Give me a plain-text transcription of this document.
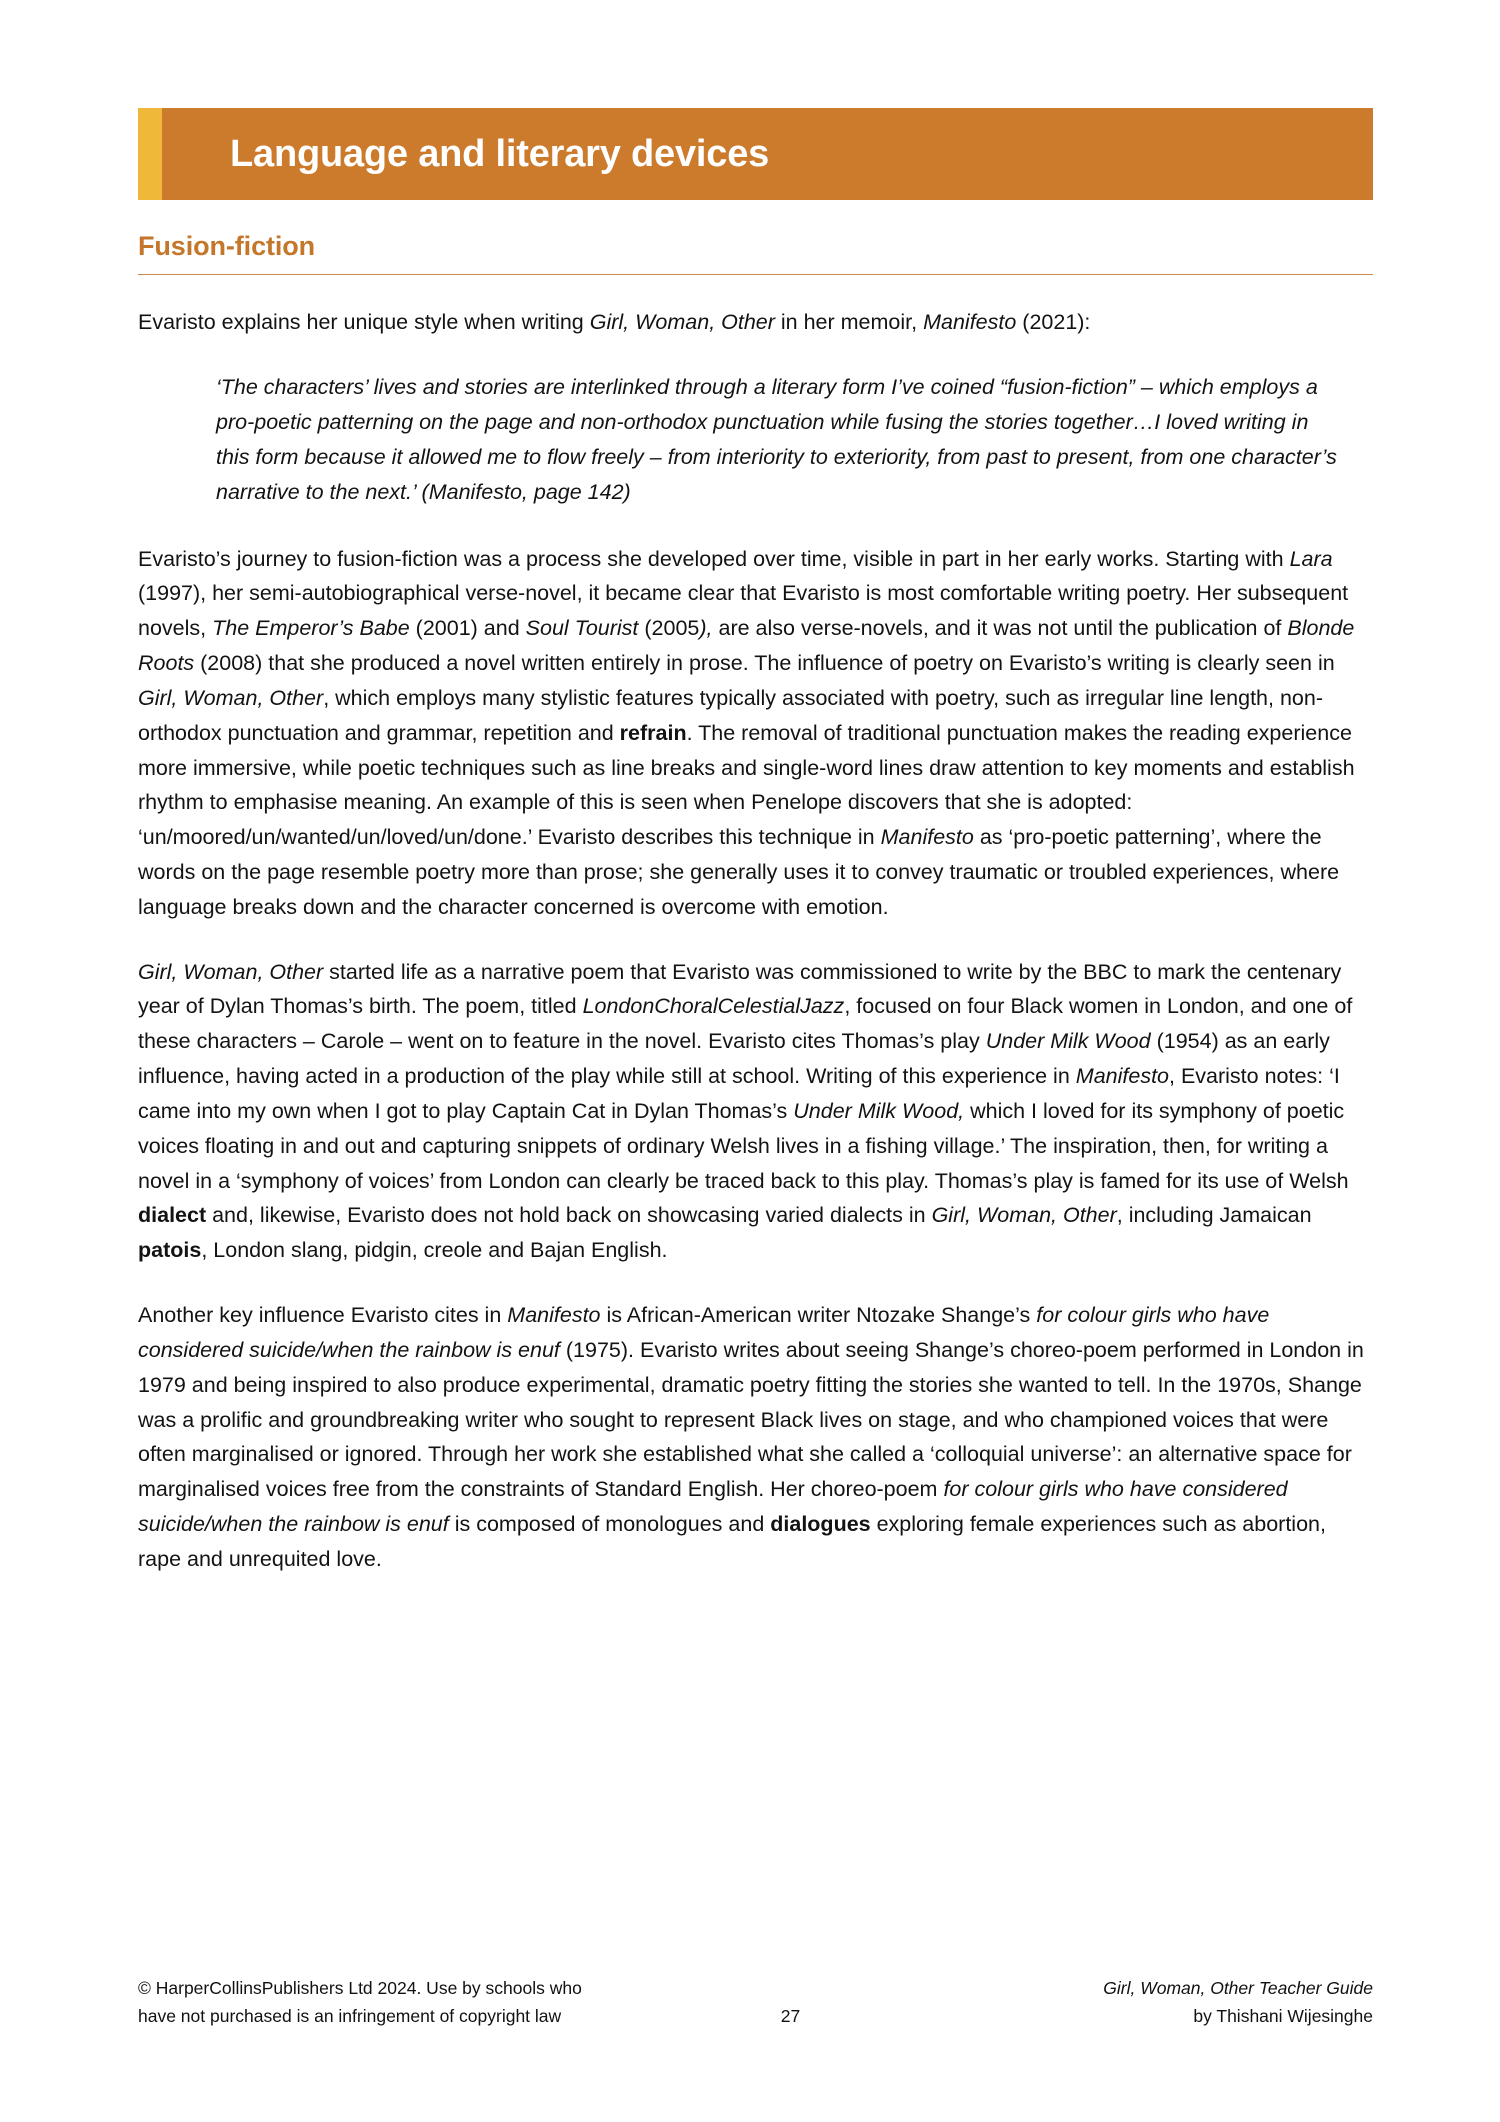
Language and literary devices
Fusion-fiction

Evaristo explains her unique style when writing Girl, Woman, Other in her memoir, Manifesto (2021):

‘The characters’ lives and stories are interlinked through a literary form I’ve coined “fusion-fiction” – which employs a pro-poetic patterning on the page and non-orthodox punctuation while fusing the stories together…I loved writing in this form because it allowed me to flow freely – from interiority to exteriority, from past to present, from one character’s narrative to the next.’ (Manifesto, page 142)

Evaristo’s journey to fusion-fiction was a process she developed over time, visible in part in her early works. Starting with Lara (1997), her semi-autobiographical verse-novel, it became clear that Evaristo is most comfortable writing poetry. Her subsequent novels, The Emperor’s Babe (2001) and Soul Tourist (2005), are also verse-novels, and it was not until the publication of Blonde Roots (2008) that she produced a novel written entirely in prose. The influence of poetry on Evaristo’s writing is clearly seen in Girl, Woman, Other, which employs many stylistic features typically associated with poetry, such as irregular line length, non-orthodox punctuation and grammar, repetition and refrain. The removal of traditional punctuation makes the reading experience more immersive, while poetic techniques such as line breaks and single-word lines draw attention to key moments and establish rhythm to emphasise meaning. An example of this is seen when Penelope discovers that she is adopted: ‘un/moored/un/wanted/un/loved/un/done.’ Evaristo describes this technique in Manifesto as ‘pro-poetic patterning’, where the words on the page resemble poetry more than prose; she generally uses it to convey traumatic or troubled experiences, where language breaks down and the character concerned is overcome with emotion.

Girl, Woman, Other started life as a narrative poem that Evaristo was commissioned to write by the BBC to mark the centenary year of Dylan Thomas’s birth. The poem, titled LondonChoralCelestialJazz, focused on four Black women in London, and one of these characters – Carole – went on to feature in the novel. Evaristo cites Thomas’s play Under Milk Wood (1954) as an early influence, having acted in a production of the play while still at school. Writing of this experience in Manifesto, Evaristo notes: ‘I came into my own when I got to play Captain Cat in Dylan Thomas’s Under Milk Wood, which I loved for its symphony of poetic voices floating in and out and capturing snippets of ordinary Welsh lives in a fishing village.’ The inspiration, then, for writing a novel in a ‘symphony of voices’ from London can clearly be traced back to this play. Thomas’s play is famed for its use of Welsh dialect and, likewise, Evaristo does not hold back on showcasing varied dialects in Girl, Woman, Other, including Jamaican patois, London slang, pidgin, creole and Bajan English.

Another key influence Evaristo cites in Manifesto is African-American writer Ntozake Shange’s for colour girls who have considered suicide/when the rainbow is enuf (1975). Evaristo writes about seeing Shange’s choreo-poem performed in London in 1979 and being inspired to also produce experimental, dramatic poetry fitting the stories she wanted to tell. In the 1970s, Shange was a prolific and groundbreaking writer who sought to represent Black lives on stage, and who championed voices that were often marginalised or ignored. Through her work she established what she called a ‘colloquial universe’: an alternative space for marginalised voices free from the constraints of Standard English. Her choreo-poem for colour girls who have considered suicide/when the rainbow is enuf is composed of monologues and dialogues exploring female experiences such as abortion, rape and unrequited love.

© HarperCollinsPublishers Ltd 2024. Use by schools who
have not purchased is an infringement of copyright law	27
Girl, Woman, Other Teacher Guide
by Thishani Wijesinghe
